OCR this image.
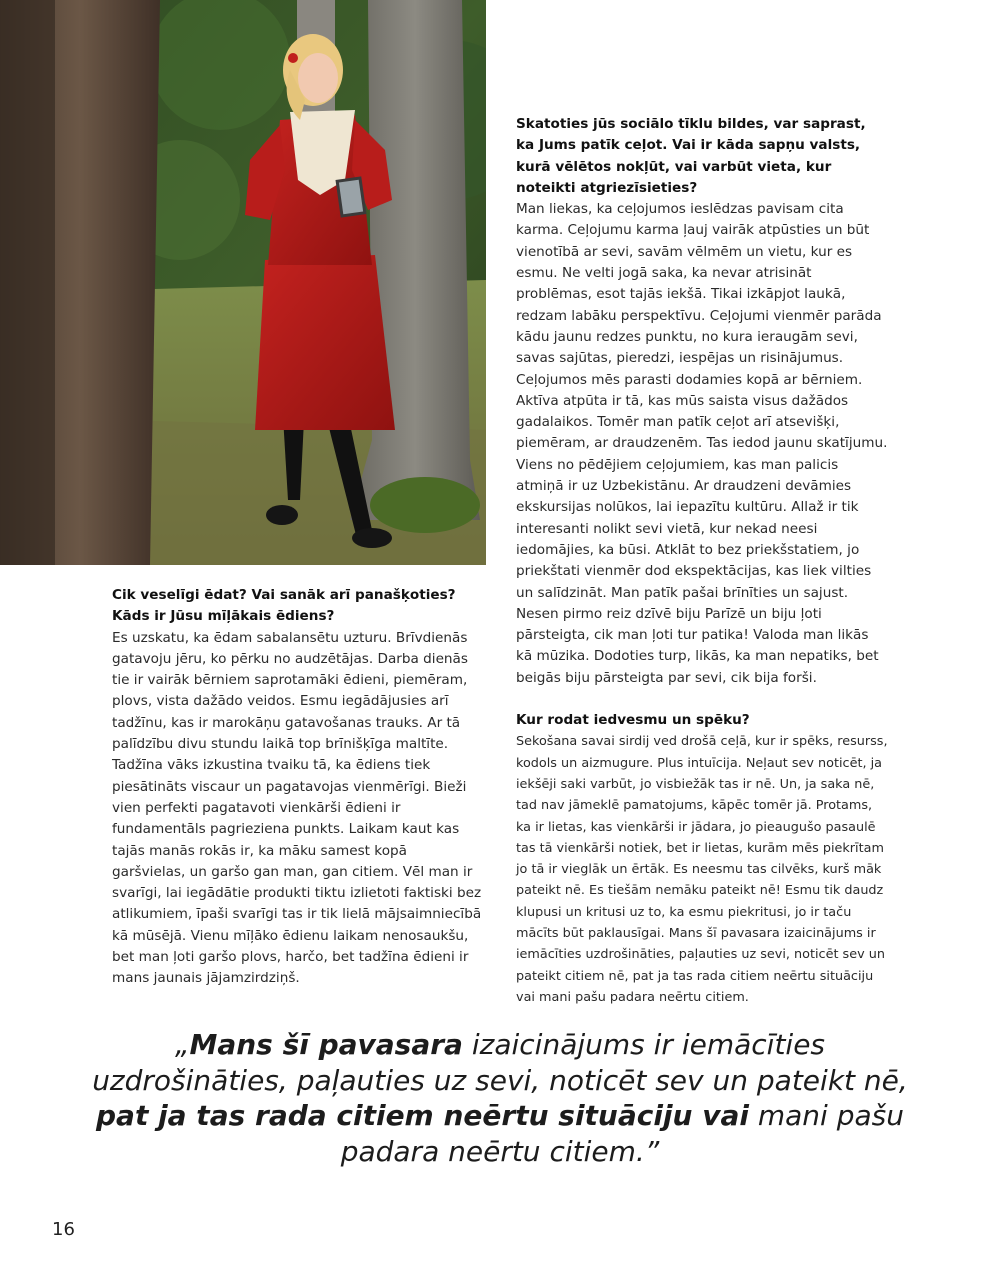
Cik veselīgi ēdat? Vai sanāk arī panašķoties? Kāds ir Jūsu mīļākais ēdiens?
Es uzskatu, ka ēdam sabalansētu uzturu. Brīvdienās gatavoju jēru, ko pērku no audzētājas. Darba dienās tie ir vairāk bērniem saprotamāki ēdieni, piemēram, plovs, vista dažādo veidos. Esmu iegādājusies arī tadžīnu, kas ir marokāņu gatavošanas trauks. Ar tā palīdzību divu stundu laikā top brīnišķīga maltīte. Tadžīna vāks izkustina tvaiku tā, ka ēdiens tiek piesātināts viscaur un pagatavojas vienmērīgi. Bieži vien perfekti pagatavoti vienkārši ēdieni ir fundamentāls pagrieziena punkts. Laikam kaut kas tajās manās rokās ir, ka māku samest kopā garšvielas, un garšo gan man, gan citiem. Vēl man ir svarīgi, lai iegādātie produkti tiktu izlietoti faktiski bez atlikumiem, īpaši svarīgi tas ir tik lielā mājsaimniecībā kā mūsējā. Vienu mīļāko ēdienu laikam nenosaukšu, bet man ļoti garšo plovs, harčo, bet tadžīna ēdieni ir mans jaunais jājamzirdziņš.
Skatoties jūs sociālo tīklu bildes, var saprast, ka Jums patīk ceļot. Vai ir kāda sapņu valsts, kurā vēlētos nokļūt, vai varbūt vieta, kur noteikti atgriezīsieties?
Man liekas, ka ceļojumos ieslēdzas pavisam cita karma. Ceļojumu karma ļauj vairāk atpūsties un būt vienotībā ar sevi, savām vēlmēm un vietu, kur es esmu. Ne velti jogā saka, ka nevar atrisināt problēmas, esot tajās iekšā. Tikai izkāpjot laukā, redzam labāku perspektīvu. Ceļojumi vienmēr parāda kādu jaunu redzes punktu, no kura ieraugām sevi, savas sajūtas, pieredzi, iespējas un risinājumus. Ceļojumos mēs parasti dodamies kopā ar bērniem.
Aktīva atpūta ir tā, kas mūs saista visus dažādos gadalaikos. Tomēr man patīk ceļot arī atsevišķi, piemēram, ar draudzenēm. Tas iedod jaunu skatījumu. Viens no pēdējiem ceļojumiem, kas man palicis atmiņā ir uz Uzbekistānu. Ar draudzeni devāmies ekskursijas nolūkos, lai iepazītu kultūru. Allaž ir tik interesanti nolikt sevi vietā, kur nekad neesi iedomājies, ka būsi. Atklāt to bez priekšstatiem, jo priekštati vienmēr dod ekspektācijas, kas liek vilties un salīdzināt. Man patīk pašai brīnīties un sajust. Nesen pirmo reiz dzīvē biju Parīzē un biju ļoti pārsteigta, cik man ļoti tur patika! Valoda man likās kā mūzika. Dodoties turp, likās, ka man nepatiks, bet beigās biju pārsteigta par sevi, cik bija forši.
Kur rodat iedvesmu un spēku?
Sekošana savai sirdij ved drošā ceļā, kur ir spēks, resurss, kodols un aizmugure. Plus intuīcija. Neļaut sev noticēt, ja iekšēji saki varbūt, jo visbiežāk tas ir nē. Un, ja saka nē, tad nav jāmeklē pamatojums, kāpēc tomēr jā. Protams, ka ir lietas, kas vienkārši ir jādara, jo pieaugušo pasaulē tas tā vienkārši notiek, bet ir lietas, kurām mēs piekrītam jo tā ir vieglāk un ērtāk. Es neesmu tas cilvēks, kurš māk pateikt nē. Es tiešām nemāku pateikt nē! Esmu tik daudz klupusi un kritusi uz to, ka esmu piekritusi, jo ir taču mācīts būt paklausīgai. Mans šī pavasara izaicinājums ir iemācīties uzdrošināties, paļauties uz sevi, noticēt sev un pateikt citiem nē, pat ja tas rada citiem neērtu situāciju vai mani pašu padara neērtu citiem.
„Mans šī pavasara izaicinājums ir iemācīties uzdrošināties, paļauties uz sevi, noticēt sev un pateikt nē, pat ja tas rada citiem neērtu situāciju vai mani pašu padara neērtu citiem.”
16
